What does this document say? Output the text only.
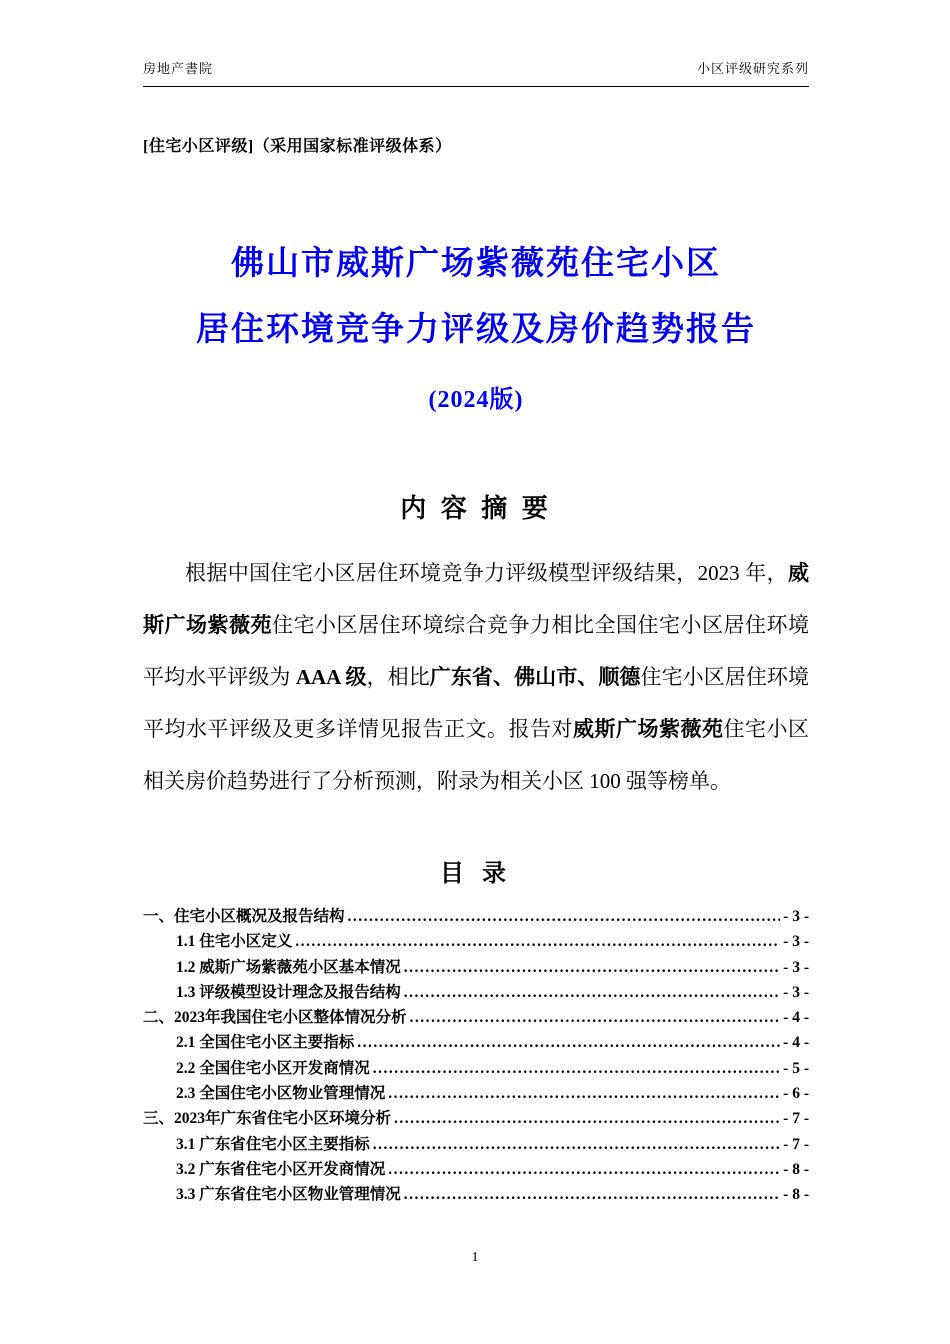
房地产書院	小区评级研究系列
[住宅小区评级]（采用国家标准评级体系）
佛山市威斯广场紫薇苑住宅小区
居住环境竞争力评级及房价趋势报告
(2024版)
内 容 摘 要

根据中国住宅小区居住环境竞争力评级模型评级结果，2023 年，威斯广场紫薇苑住宅小区居住环境综合竞争力相比全国住宅小区居住环境平均水平评级为 AAA 级，相比广东省、佛山市、顺德住宅小区居住环境平均水平评级及更多详情见报告正文。报告对威斯广场紫薇苑住宅小区相关房价趋势进行了分析预测，附录为相关小区 100 强等榜单。

目 录
一、住宅小区概况及报告结构 .....	- 3 -
1.1 住宅小区定义 .....	- 3 -
1.2 威斯广场紫薇苑小区基本情况 .....	- 3 -
1.3 评级模型设计理念及报告结构 .....	- 3 -
二、2023年我国住宅小区整体情况分析 .....	- 4 -
2.1 全国住宅小区主要指标 .....	- 4 -
2.2 全国住宅小区开发商情况 .....	- 5 -
2.3 全国住宅小区物业管理情况 .....	- 6 -
三、2023年广东省住宅小区环境分析 .....	- 7 -
3.1 广东省住宅小区主要指标 .....	- 7 -
3.2 广东省住宅小区开发商情况 .....	- 8 -
3.3 广东省住宅小区物业管理情况 .....	- 8 -
1
